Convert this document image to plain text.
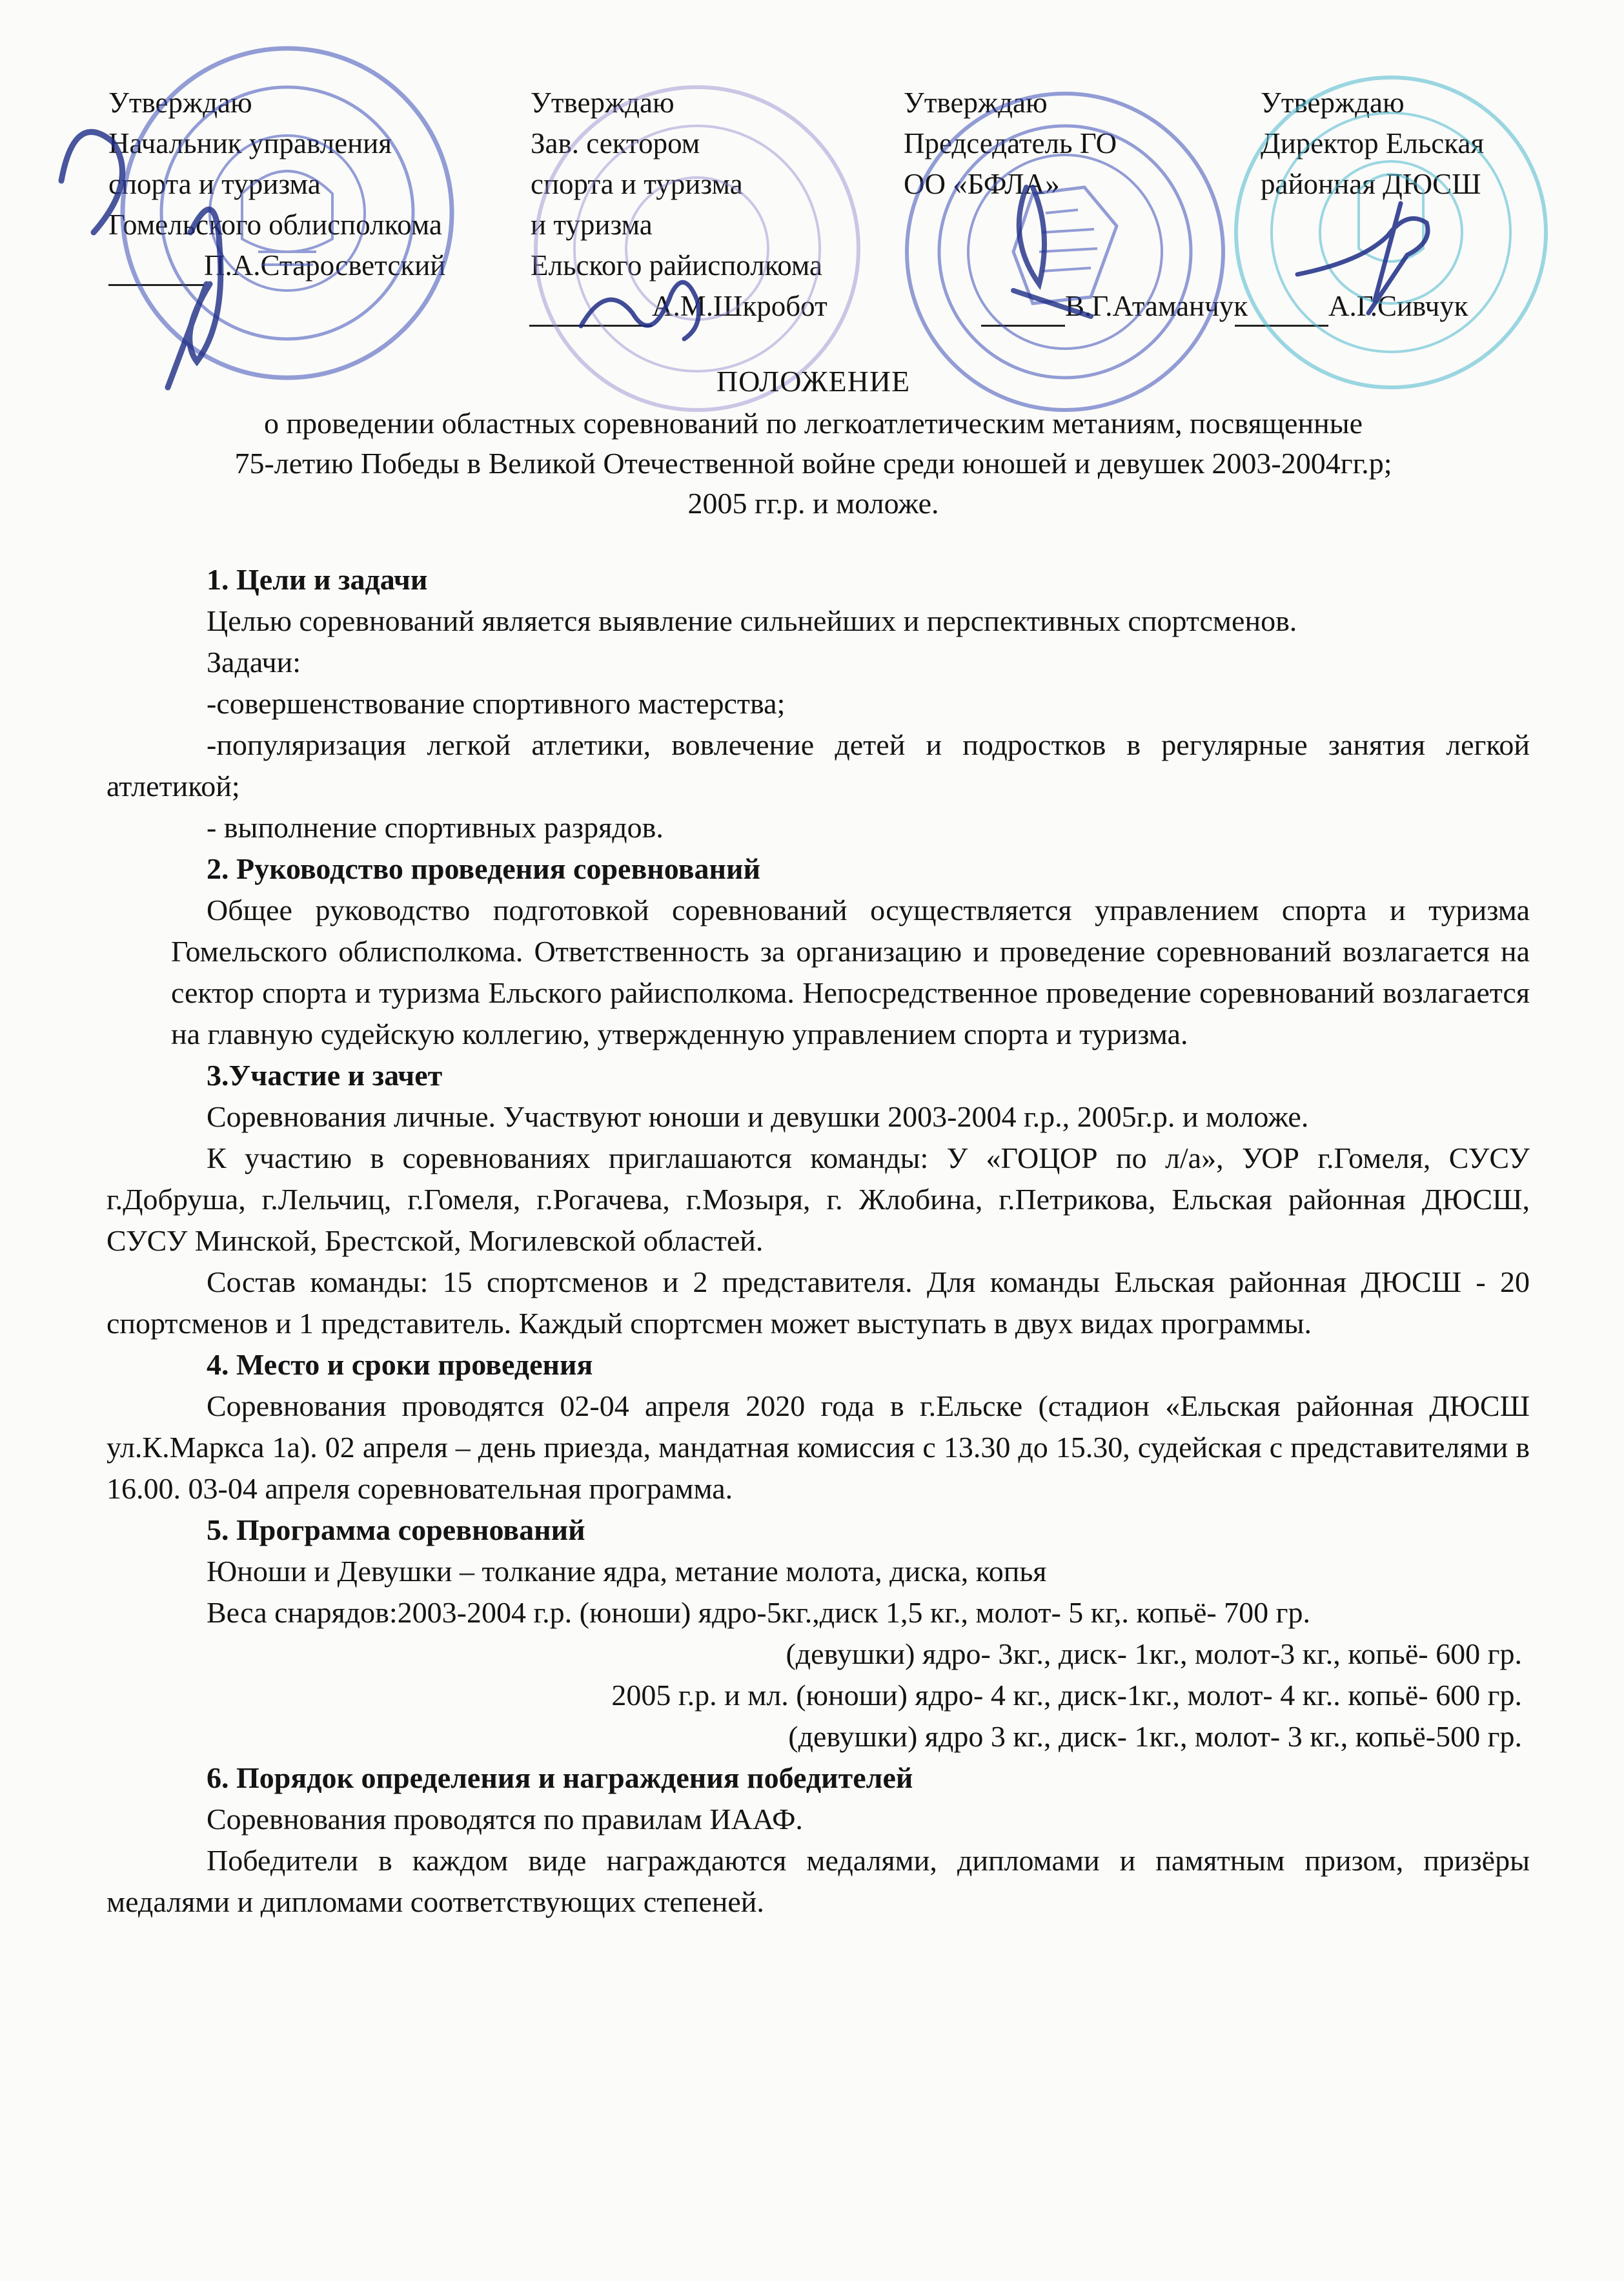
Утверждаю
Начальник управления
спорта и туризма
Гомельского облисполкома
П.А.Старосветский
Утверждаю
Зав. сектором
спорта и туризма
и туризма
Ельского райисполкома
А.М.Шкробот
Утверждаю
Председатель ГО
ОО «БФЛА»
В.Г.Атаманчук
Утверждаю
Директор Ельская
районная ДЮСШ
А.Г.Сивчук
ПОЛОЖЕНИЕ
о проведении областных соревнований по легкоатлетическим метаниям, посвященные
75-летию Победы в Великой Отечественной войне среди юношей и девушек 2003-2004гг.р;
2005 гг.р. и моложе.

1. Цели и задачи

Целью соревнований является выявление сильнейших и перспективных спортсменов.

Задачи:

-совершенствование спортивного мастерства;

-популяризация легкой атлетики, вовлечение детей и подростков в регулярные занятия легкой атлетикой;

- выполнение спортивных разрядов.

2. Руководство проведения соревнований

Общее руководство подготовкой соревнований осуществляется управлением спорта и туризма Гомельского облисполкома. Ответственность за организацию и проведение соревнований возлагается на сектор спорта и туризма Ельского райисполкома. Непосредственное проведение соревнований возлагается на главную судейскую коллегию, утвержденную управлением спорта и туризма.

3.Участие и зачет

Соревнования личные. Участвуют юноши и девушки 2003-2004 г.р., 2005г.р. и моложе.

К участию в соревнованиях приглашаются команды: У «ГОЦОР по л/а», УОР г.Гомеля, СУСУ г.Добруша, г.Лельчиц, г.Гомеля, г.Рогачева, г.Мозыря, г. Жлобина, г.Петрикова, Ельская районная ДЮСШ, СУСУ Минской, Брестской, Могилевской областей.

Состав команды: 15 спортсменов и 2 представителя. Для команды Ельская районная ДЮСШ - 20 спортсменов и 1 представитель. Каждый спортсмен может выступать в двух видах программы.

4. Место и сроки проведения

Соревнования проводятся 02-04 апреля 2020 года в г.Ельске (стадион «Ельская районная ДЮСШ ул.К.Маркса 1а). 02 апреля – день приезда, мандатная комиссия с 13.30 до 15.30, судейская с представителями в 16.00. 03-04 апреля соревновательная программа.

5. Программа соревнований

Юноши и Девушки – толкание ядра, метание молота, диска, копья

Веса снарядов:2003-2004 г.р. (юноши) ядро-5кг.,диск 1,5 кг., молот- 5 кг,. копьё- 700 гр.

(девушки) ядро- 3кг., диск- 1кг., молот-3 кг., копьё- 600 гр.

2005 г.р. и мл. (юноши) ядро- 4 кг., диск-1кг., молот- 4 кг.. копьё- 600 гр.

(девушки) ядро 3 кг., диск- 1кг., молот- 3 кг., копьё-500 гр.

6. Порядок определения и награждения победителей

Соревнования проводятся по правилам ИААФ.

Победители в каждом виде награждаются медалями, дипломами и памятным призом, призёры медалями и дипломами соответствующих степеней.
